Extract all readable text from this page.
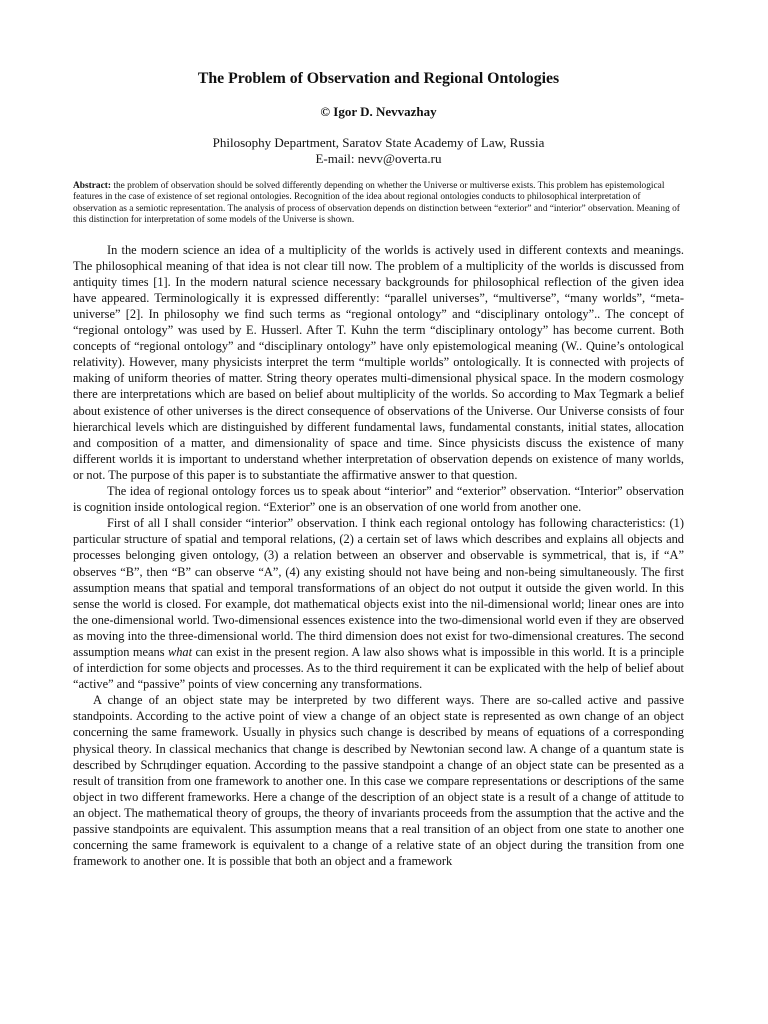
The Problem of Observation and Regional Ontologies
© Igor D. Nevvazhay
Philosophy Department, Saratov State Academy of Law, Russia
E-mail: nevv@overta.ru
Abstract: the problem of observation should be solved differently depending on whether the Universe or multiverse exists. This problem has epistemological features in the case of existence of set regional ontologies. Recognition of the idea about regional ontologies conducts to philosophical interpretation of observation as a semiotic representation. The analysis of process of observation depends on distinction between “exterior” and “interior” observation. Meaning of this distinction for interpretation of some models of the Universe is shown.

In the modern science an idea of a multiplicity of the worlds is actively used in different contexts and meanings. The philosophical meaning of that idea is not clear till now. The problem of a multiplicity of the worlds is discussed from antiquity times [1]. In the modern natural science necessary backgrounds for philosophical reflection of the given idea have appeared. Terminologically it is expressed differently: “parallel universes”, “multiverse”, “many worlds”, “meta-universe” [2]. In philosophy we find such terms as “regional ontology” and “disciplinary ontology”.. The concept of “regional ontology” was used by E. Husserl. After T. Kuhn the term “disciplinary ontology” has become current. Both concepts of “regional ontology” and “disciplinary ontology” have only epistemological meaning (W.. Quine’s ontological relativity). However, many physicists interpret the term “multiple worlds” ontologically. It is connected with projects of making of uniform theories of matter. String theory operates multi-dimensional physical space. In the modern cosmology there are interpretations which are based on belief about multiplicity of the worlds. So according to Max Tegmark a belief about existence of other universes is the direct consequence of observations of the Universe. Our Universe consists of four hierarchical levels which are distinguished by different fundamental laws, fundamental constants, initial states, allocation and composition of a matter, and dimensionality of space and time. Since physicists discuss the existence of many different worlds it is important to understand whether interpretation of observation depends on existence of many worlds, or not. The purpose of this paper is to substantiate the affirmative answer to that question.

The idea of regional ontology forces us to speak about “interior” and “exterior” observation. “Interior” observation is cognition inside ontological region. “Exterior” one is an observation of one world from another one.

First of all I shall consider “interior” observation. I think each regional ontology has following characteristics: (1) particular structure of spatial and temporal relations, (2) a certain set of laws which describes and explains all objects and processes belonging given ontology, (3) a relation between an observer and observable is symmetrical, that is, if “A” observes “B”, then “B” can observe “A”, (4) any existing should not have being and non-being simultaneously. The first assumption means that spatial and temporal transformations of an object do not output it outside the given world. In this sense the world is closed. For example, dot mathematical objects exist into the nil-dimensional world; linear ones are into the one-dimensional world. Two-dimensional essences existence into the two-dimensional world even if they are observed as moving into the three-dimensional world. The third dimension does not exist for two-dimensional creatures. The second assumption means what can exist in the present region. A law also shows what is impossible in this world. It is a principle of interdiction for some objects and processes. As to the third requirement it can be explicated with the help of belief about “active” and “passive” points of view concerning any transformations.

A change of an object state may be interpreted by two different ways. There are so-called active and passive standpoints. According to the active point of view a change of an object state is represented as own change of an object concerning the same framework. Usually in physics such change is described by means of equations of a corresponding physical theory. In classical mechanics that change is described by Newtonian second law. A change of a quantum state is described by Schrцdinger equation. According to the passive standpoint a change of an object state can be presented as a result of transition from one framework to another one. In this case we compare representations or descriptions of the same object in two different frameworks. Here a change of the description of an object state is a result of a change of attitude to an object. The mathematical theory of groups, the theory of invariants proceeds from the assumption that the active and the passive standpoints are equivalent. This assumption means that a real transition of an object from one state to another one concerning the same framework is equivalent to a change of a relative state of an object during the transition from one framework to another one. It is possible that both an object and a framework
